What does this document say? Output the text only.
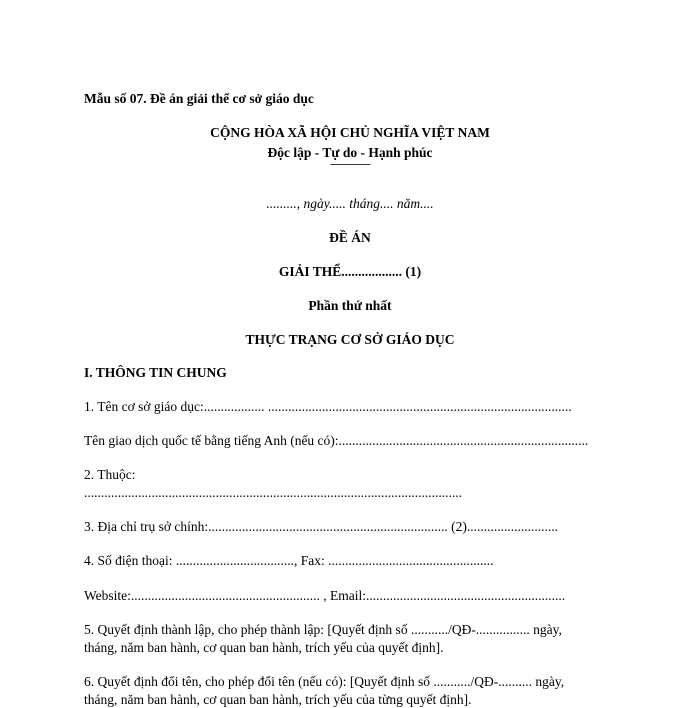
Mẫu số 07. Đề án giải thể cơ sở giáo dục
CỘNG HÒA XÃ HỘI CHỦ NGHĨA VIỆT NAM
Độc lập - Tự do - Hạnh phúc
---------------
........., ngày..... tháng.... năm....
ĐỀ ÁN
GIẢI THỂ.................. (1)
Phần thứ nhất
THỰC TRẠNG CƠ SỞ GIÁO DỤC
I. THÔNG TIN CHUNG
1. Tên cơ sở giáo dục:.................. ..........................................................................................
Tên giao dịch quốc tế bằng tiếng Anh (nếu có):..........................................................................
2. Thuộc:
................................................................................................................
3. Địa chỉ trụ sở chính:....................................................................... (2)...........................
4. Số điện thoại: ..................................., Fax: .................................................
Website:........................................................ , Email:...........................................................
5. Quyết định thành lập, cho phép thành lập: [Quyết định số .........../QĐ-................ ngày,
tháng, năm ban hành, cơ quan ban hành, trích yếu của quyết định].
6. Quyết định đổi tên, cho phép đổi tên (nếu có): [Quyết định số .........../QĐ-.......... ngày,
tháng, năm ban hành, cơ quan ban hành, trích yếu của từng quyết định].
